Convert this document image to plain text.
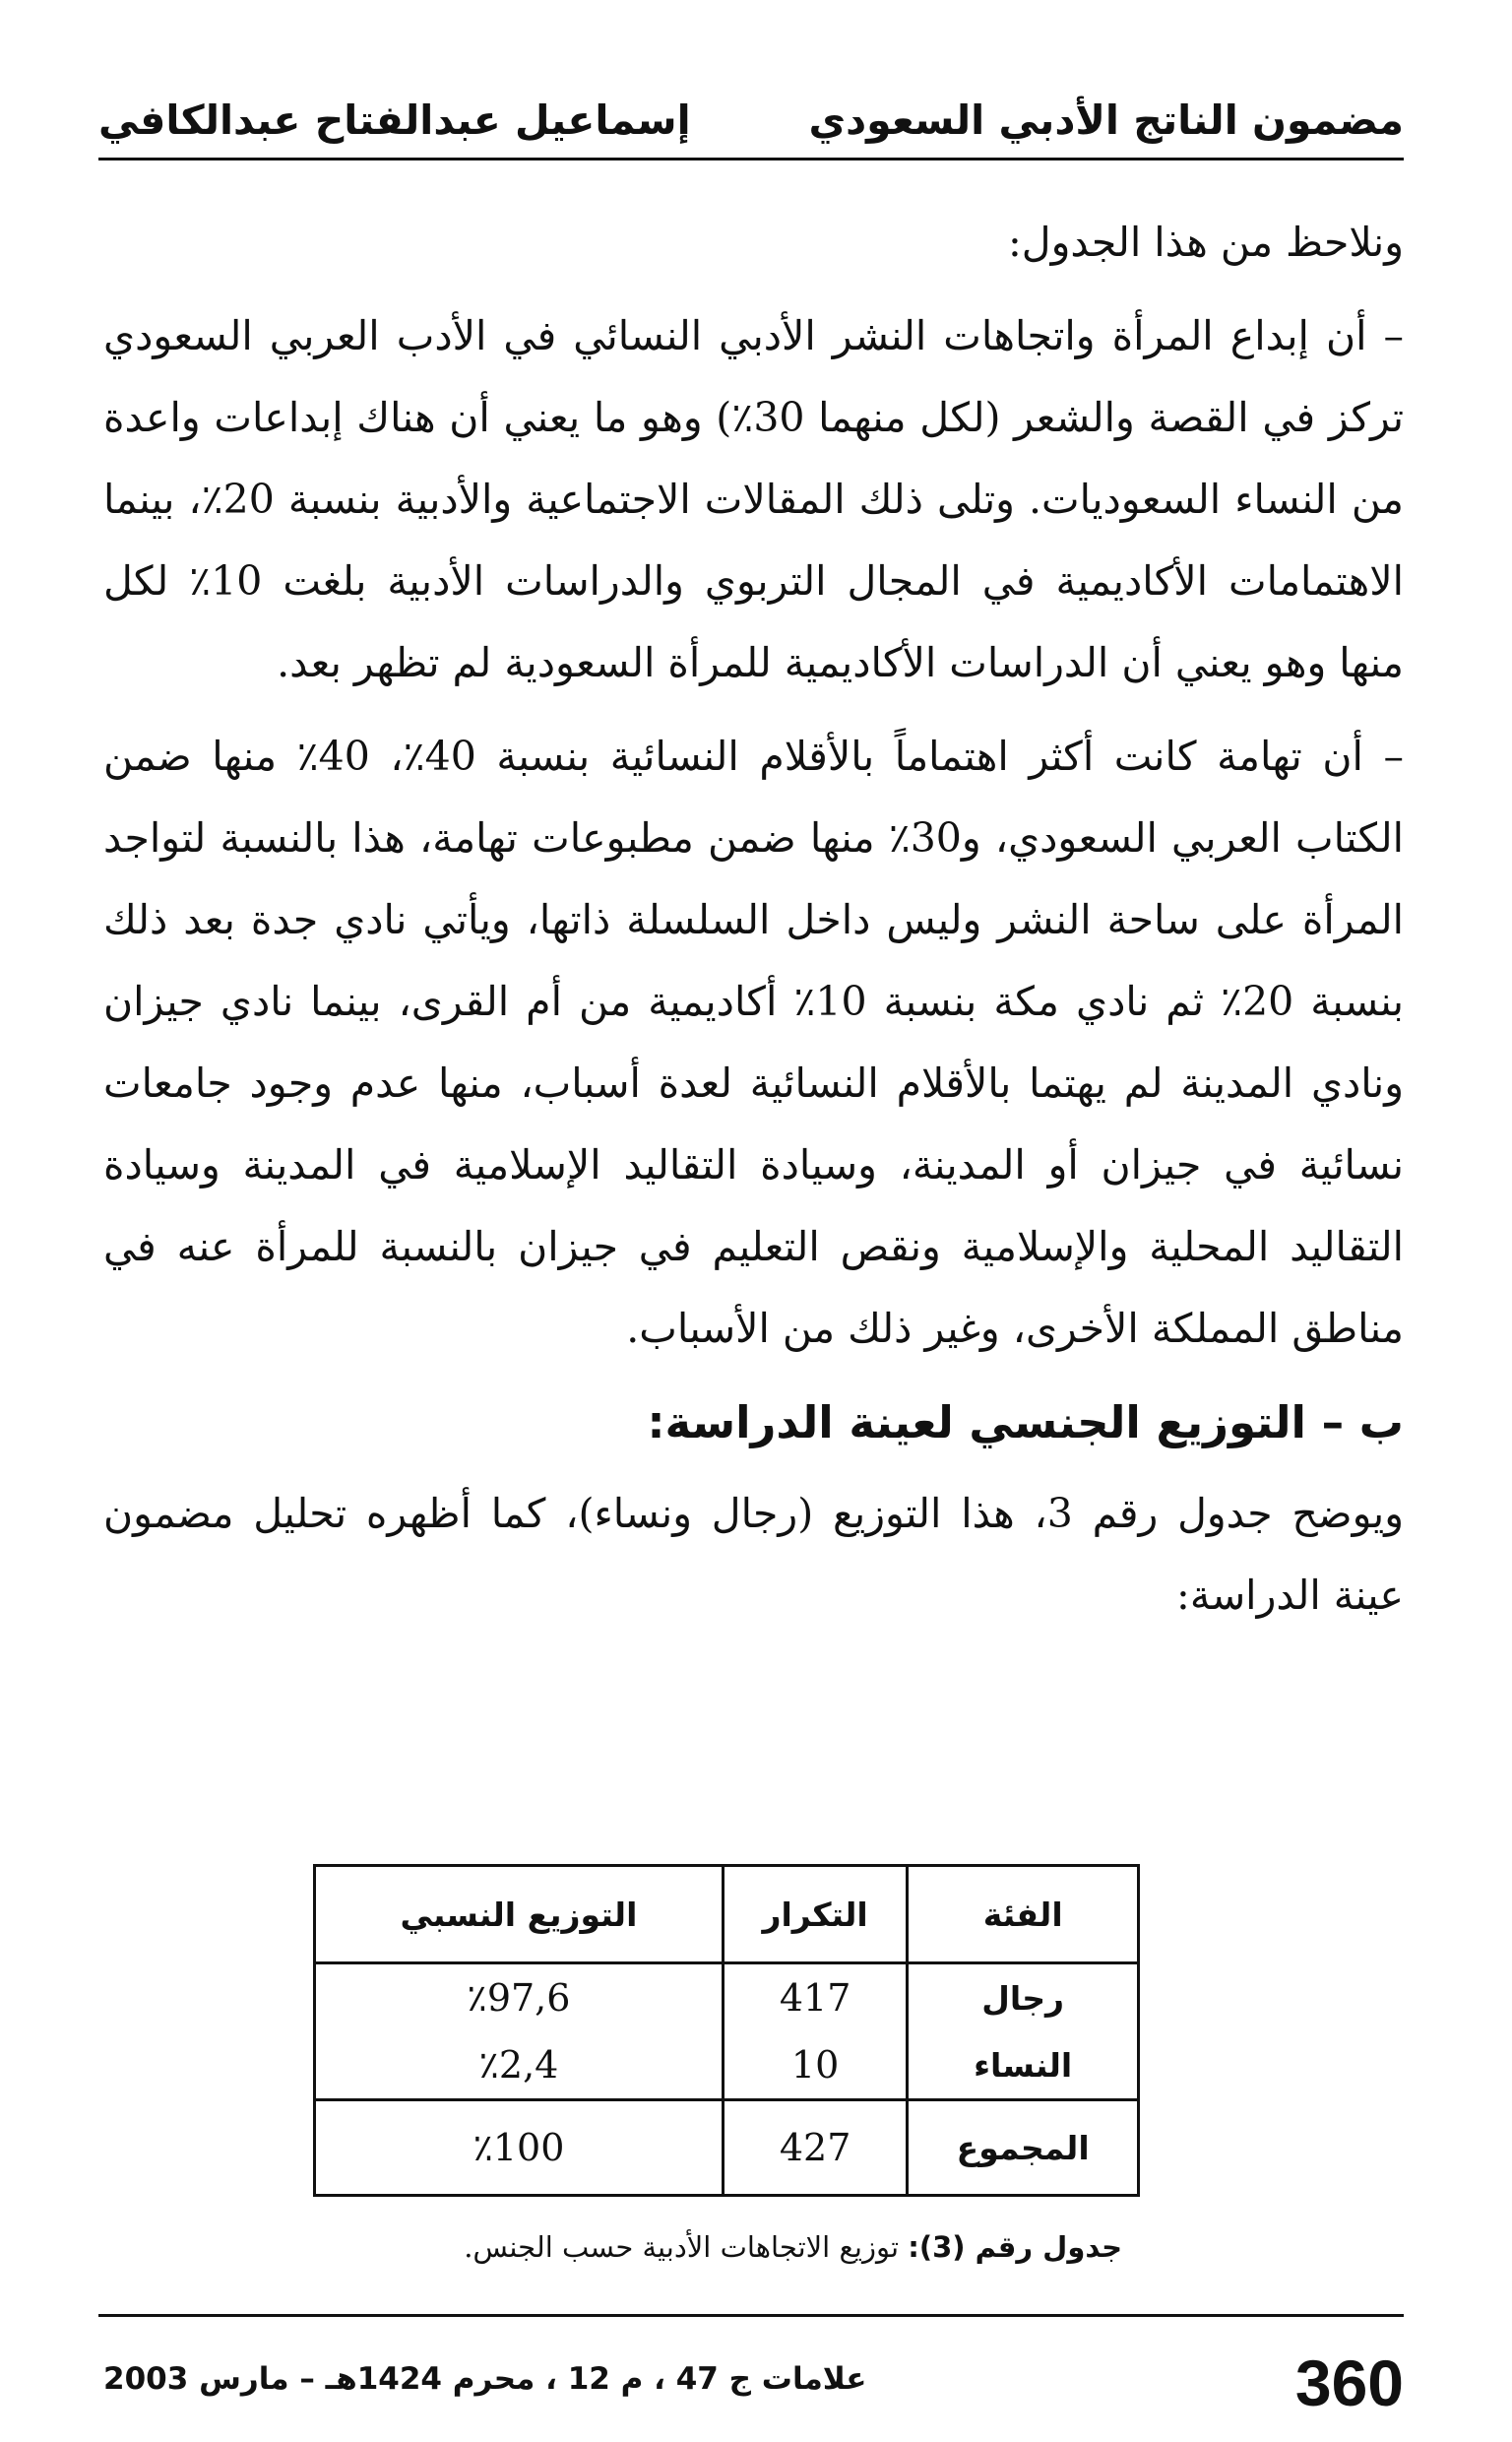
مضمون الناتج الأدبي السعودي
إسماعيل عبدالفتاح عبدالكافي

ونلاحظ من هذا الجدول:

– أن إبداع المرأة واتجاهات النشر الأدبي النسائي في الأدب العربي السعودي تركز في القصة والشعر (لكل منهما 30٪) وهو ما يعني أن هناك إبداعات واعدة من النساء السعوديات. وتلى ذلك المقالات الاجتماعية والأدبية بنسبة 20٪، بينما الاهتمامات الأكاديمية في المجال التربوي والدراسات الأدبية بلغت 10٪ لكل منها وهو يعني أن الدراسات الأكاديمية للمرأة السعودية لم تظهر بعد.

– أن تهامة كانت أكثر اهتماماً بالأقلام النسائية بنسبة 40٪، 40٪ منها ضمن الكتاب العربي السعودي، و30٪ منها ضمن مطبوعات تهامة، هذا بالنسبة لتواجد المرأة على ساحة النشر وليس داخل السلسلة ذاتها، ويأتي نادي جدة بعد ذلك بنسبة 20٪ ثم نادي مكة بنسبة 10٪ أكاديمية من أم القرى، بينما نادي جيزان ونادي المدينة لم يهتما بالأقلام النسائية لعدة أسباب، منها عدم وجود جامعات نسائية في جيزان أو المدينة، وسيادة التقاليد الإسلامية في المدينة وسيادة التقاليد المحلية والإسلامية ونقص التعليم في جيزان بالنسبة للمرأة عنه في مناطق المملكة الأخرى، وغير ذلك من الأسباب.

ب – التوزيع الجنسي لعينة الدراسة:

ويوضح جدول رقم 3، هذا التوزيع (رجال ونساء)، كما أظهره تحليل مضمون عينة الدراسة:

الفئة	التكرار	التوزيع النسبي
رجال	417	٪97,6
النساء	10	٪2,4
المجموع	427	٪100
جدول رقم (3): توزيع الاتجاهات الأدبية حسب الجنس.
علامات ج 47 ، م 12 ، محرم 1424هـ – مارس 2003	360
